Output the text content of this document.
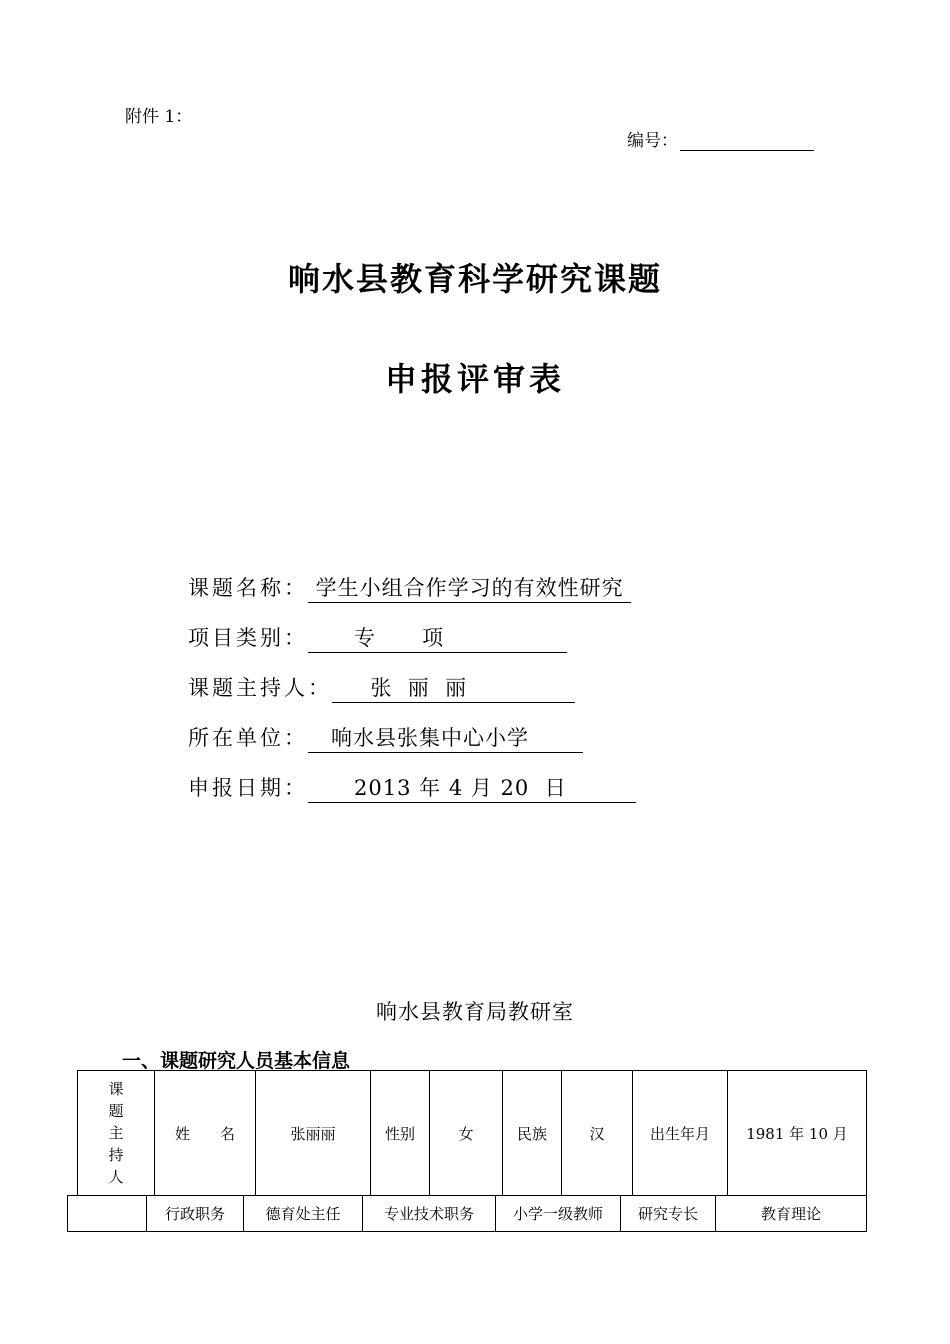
附件 1：
编号：
响水县教育科学研究课题
申报评审表
课题名称： 学生小组合作学习的有效性研究
项目类别：      专      项
课题主持人：     张  丽  丽
所在单位：   响水县张集中心小学
申报日期：      2013 年 4 月 20  日
响水县教育局教研室
一、课题研究人员基本信息
课
题
主
持
人
	姓　　名	张丽丽	性别	女	民族	汉	出生年月	1981 年 10 月
	行政职务	德育处主任	专业技术职务	小学一级教师	研究专长	教育理论
